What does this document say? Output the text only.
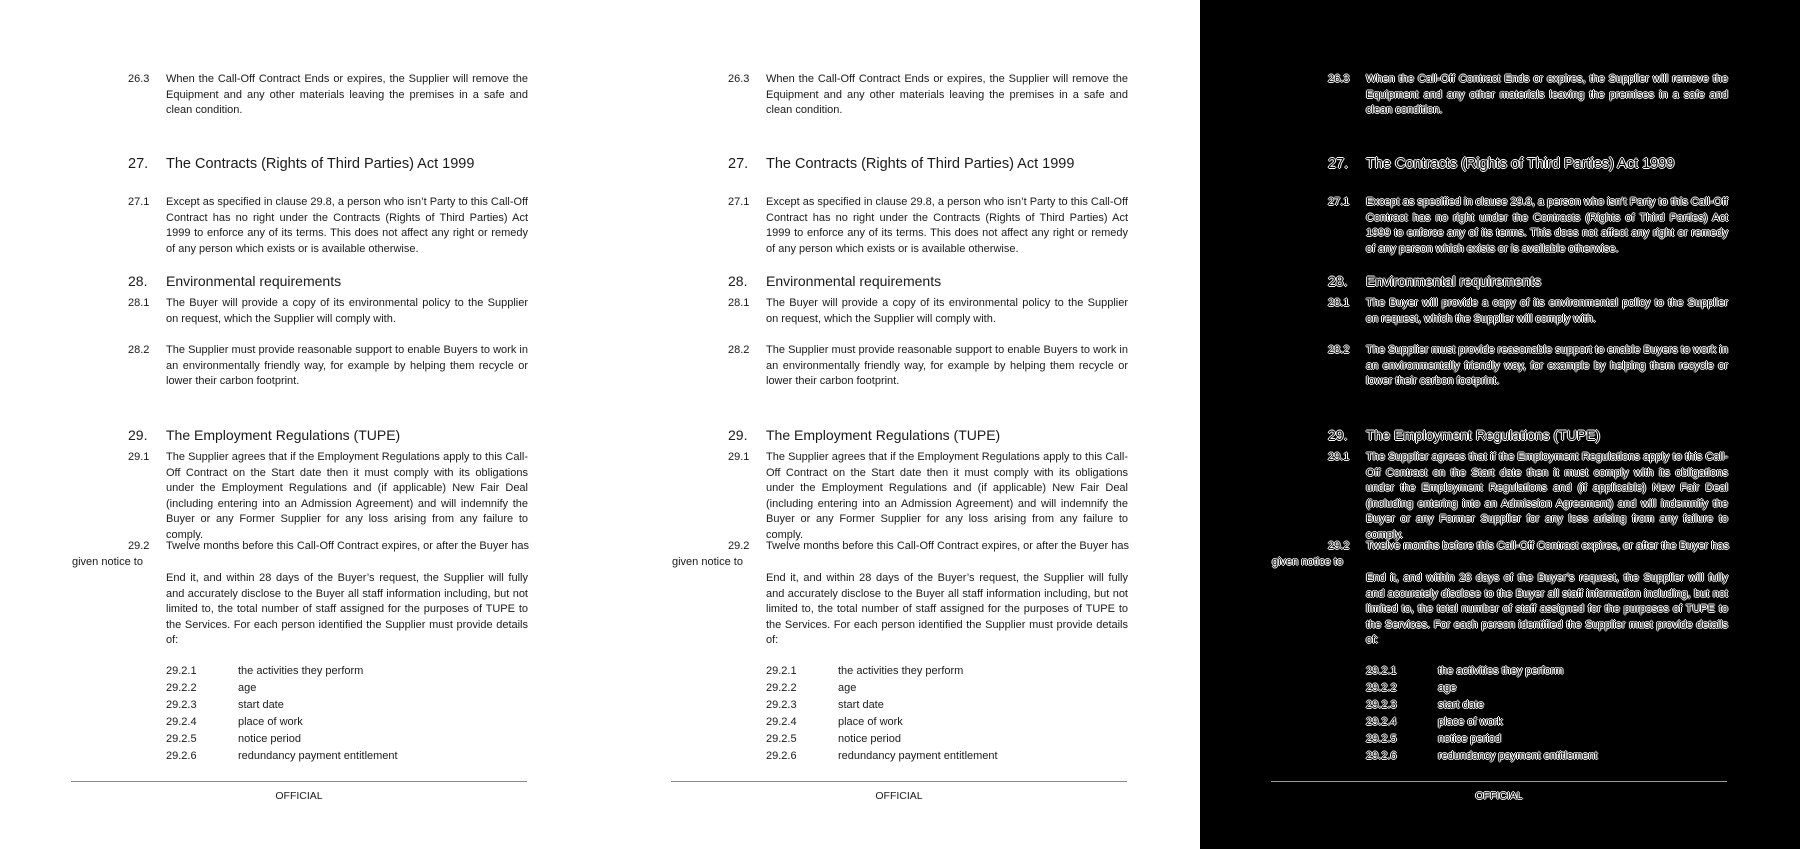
26.3	When the Call-Off Contract Ends or expires, the Supplier will remove the Equipment and any other materials leaving the premises in a safe and clean condition.
27. The Contracts (Rights of Third Parties) Act 1999
27.1	Except as specified in clause 29.8, a person who isn’t Party to this Call-Off Contract has no right under the Contracts (Rights of Third Parties) Act 1999 to enforce any of its terms. This does not affect any right or remedy of any person which exists or is available otherwise.
28. Environmental requirements
28.1	The Buyer will provide a copy of its environmental policy to the Supplier on request, which the Supplier will comply with.
28.2	The Supplier must provide reasonable support to enable Buyers to work in an environmentally friendly way, for example by helping them recycle or lower their carbon footprint.
29. The Employment Regulations (TUPE)
29.1	The Supplier agrees that if the Employment Regulations apply to this Call-Off Contract on the Start date then it must comply with its obligations under the Employment Regulations and (if applicable) New Fair Deal (including entering into an Admission Agreement) and will indemnify the Buyer or any Former Supplier for any loss arising from any failure to comply.
29.2	Twelve months before this Call-Off Contract expires, or after the Buyer has
given notice to
End it, and within 28 days of the Buyer’s request, the Supplier will fully and accurately disclose to the Buyer all staff information including, but not limited to, the total number of staff assigned for the purposes of TUPE to the Services. For each person identified the Supplier must provide details of:
29.2.1	the activities they perform
29.2.2	age
29.2.3	start date
29.2.4	place of work
29.2.5	notice period
29.2.6	redundancy payment entitlement
OFFICIAL
26.3	When the Call-Off Contract Ends or expires, the Supplier will remove the Equipment and any other materials leaving the premises in a safe and clean condition.
27. The Contracts (Rights of Third Parties) Act 1999
27.1	Except as specified in clause 29.8, a person who isn’t Party to this Call-Off Contract has no right under the Contracts (Rights of Third Parties) Act 1999 to enforce any of its terms. This does not affect any right or remedy of any person which exists or is available otherwise.
28. Environmental requirements
28.1	The Buyer will provide a copy of its environmental policy to the Supplier on request, which the Supplier will comply with.
28.2	The Supplier must provide reasonable support to enable Buyers to work in an environmentally friendly way, for example by helping them recycle or lower their carbon footprint.
29. The Employment Regulations (TUPE)
29.1	The Supplier agrees that if the Employment Regulations apply to this Call-Off Contract on the Start date then it must comply with its obligations under the Employment Regulations and (if applicable) New Fair Deal (including entering into an Admission Agreement) and will indemnify the Buyer or any Former Supplier for any loss arising from any failure to comply.
29.2	Twelve months before this Call-Off Contract expires, or after the Buyer has
given notice to
End it, and within 28 days of the Buyer’s request, the Supplier will fully and accurately disclose to the Buyer all staff information including, but not limited to, the total number of staff assigned for the purposes of TUPE to the Services. For each person identified the Supplier must provide details of:
29.2.1	the activities they perform
29.2.2	age
29.2.3	start date
29.2.4	place of work
29.2.5	notice period
29.2.6	redundancy payment entitlement
OFFICIAL
26.3	When the Call-Off Contract Ends or expires, the Supplier will remove the Equipment and any other materials leaving the premises in a safe and clean condition.
27. The Contracts (Rights of Third Parties) Act 1999
27.1	Except as specified in clause 29.8, a person who isn’t Party to this Call-Off Contract has no right under the Contracts (Rights of Third Parties) Act 1999 to enforce any of its terms. This does not affect any right or remedy of any person which exists or is available otherwise.
28. Environmental requirements
28.1	The Buyer will provide a copy of its environmental policy to the Supplier on request, which the Supplier will comply with.
28.2	The Supplier must provide reasonable support to enable Buyers to work in an environmentally friendly way, for example by helping them recycle or lower their carbon footprint.
29. The Employment Regulations (TUPE)
29.1	The Supplier agrees that if the Employment Regulations apply to this Call-Off Contract on the Start date then it must comply with its obligations under the Employment Regulations and (if applicable) New Fair Deal (including entering into an Admission Agreement) and will indemnify the Buyer or any Former Supplier for any loss arising from any failure to comply.
29.2	Twelve months before this Call-Off Contract expires, or after the Buyer has
given notice to
End it, and within 28 days of the Buyer’s request, the Supplier will fully and accurately disclose to the Buyer all staff information including, but not limited to, the total number of staff assigned for the purposes of TUPE to the Services. For each person identified the Supplier must provide details of:
29.2.1	the activities they perform
29.2.2	age
29.2.3	start date
29.2.4	place of work
29.2.5	notice period
29.2.6	redundancy payment entitlement
OFFICIAL
